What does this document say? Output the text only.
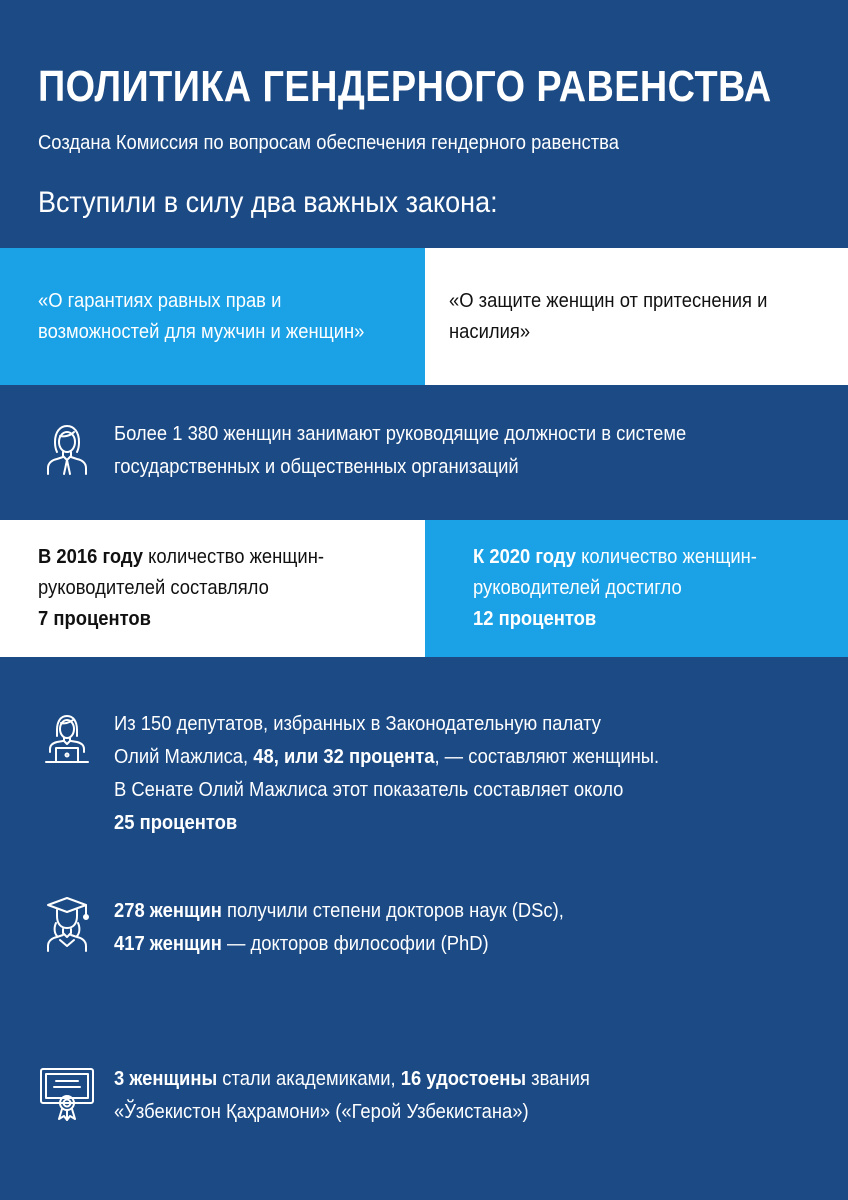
ПОЛИТИКА ГЕНДЕРНОГО РАВЕНСТВА
Создана Комиссия по вопросам обеспечения гендерного равенства
Вступили в силу два важных закона:
«О гарантиях равных прав и
возможностей для мужчин и женщин»
«О защите женщин от притеснения и
насилия»
Более 1 380 женщин занимают руководящие должности в системе
государственных и общественных организаций
В 2016 году количество женщин-
руководителей составляло
7 процентов
К 2020 году количество женщин-
руководителей достигло
12 процентов
Из 150 депутатов, избранных в Законодательную палату
Олий Мажлиса, 48, или 32 процента, — составляют женщины.
В Сенате Олий Мажлиса этот показатель составляет около
25 процентов
278 женщин получили степени докторов наук (DSc),
417 женщин — докторов философии (PhD)
3 женщины стали академиками, 16 удостоены звания
«Ўзбекистон Қаҳрамони» («Герой Узбекистана»)
